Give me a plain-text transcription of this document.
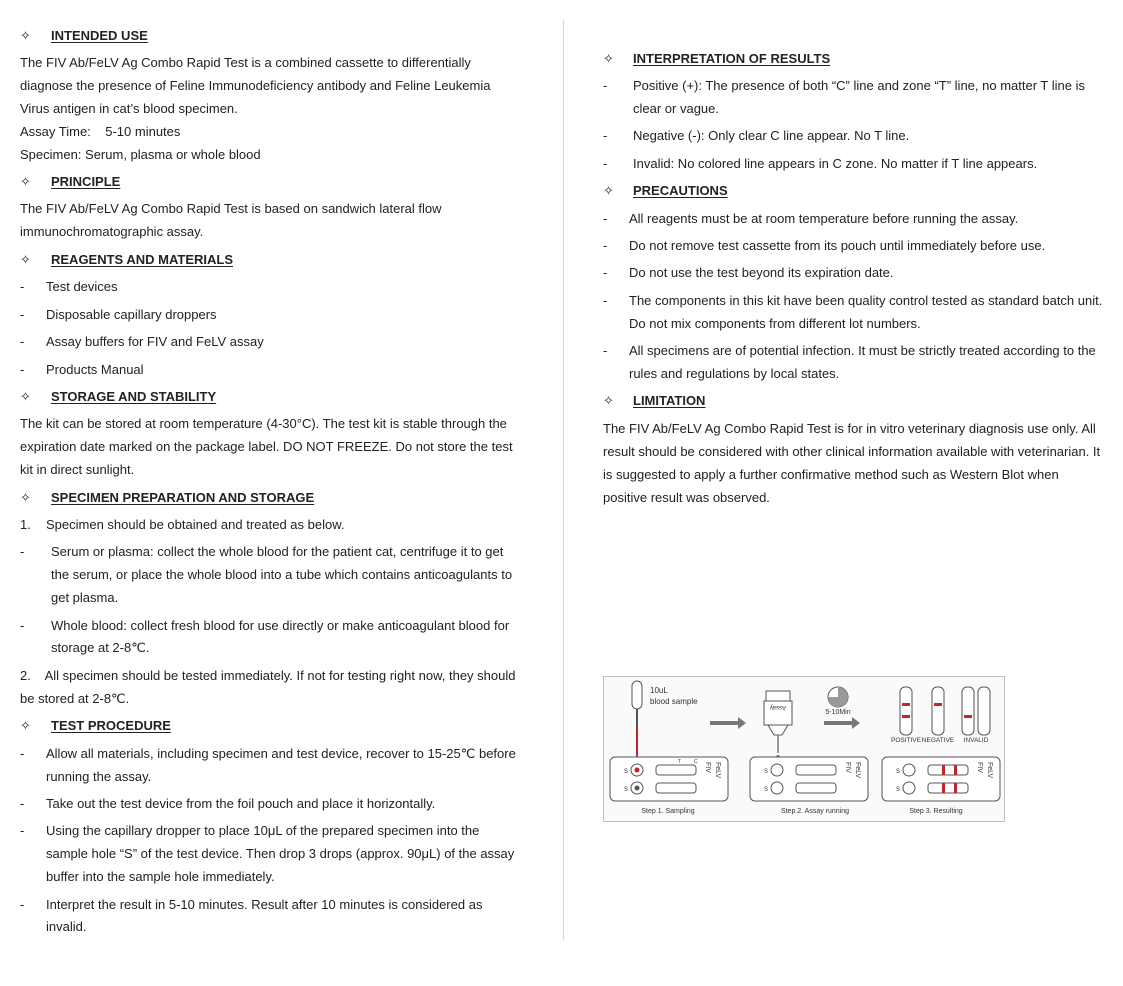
✧ INTENDED USE
The FIV Ab/FeLV Ag Combo Rapid Test is a combined cassette to differentially
diagnose the presence of Feline Immunodeficiency antibody and Feline Leukemia
Virus antigen in cat’s blood specimen.
Assay Time:    5-10 minutes
Specimen: Serum, plasma or whole blood
✧ PRINCIPLE
The FIV Ab/FeLV Ag Combo Rapid Test is based on sandwich lateral flow
immunochromatographic assay.
✧ REAGENTS AND MATERIALS
- Test devices
- Disposable capillary droppers
- Assay buffers for FIV and FeLV assay
- Products Manual
✧ STORAGE AND STABILITY
The kit can be stored at room temperature (4-30°C). The test kit is stable through the
expiration date marked on the package label. DO NOT FREEZE. Do not store the test
kit in direct sunlight.
✧ SPECIMEN PREPARATION AND STORAGE
1. Specimen should be obtained and treated as below.
- Serum or plasma: collect the whole blood for the patient cat, centrifuge it to get
the serum, or place the whole blood into a tube which contains anticoagulants to
get plasma.
- Whole blood: collect fresh blood for use directly or make anticoagulant blood for
storage at 2-8℃.
2.    All specimen should be tested immediately. If not for testing right now, they should
be stored at 2-8℃.
✧ TEST PROCEDURE
- Allow all materials, including specimen and test device, recover to 15-25℃ before
running the assay.
- Take out the test device from the foil pouch and place it horizontally.
- Using the capillary dropper to place 10μL of the prepared specimen into the
sample hole “S” of the test device. Then drop 3 drops (approx. 90μL) of the assay
buffer into the sample hole immediately.
- Interpret the result in 5-10 minutes. Result after 10 minutes is considered as
invalid.
✧ INTERPRETATION OF RESULTS
- Positive (+): The presence of both “C” line and zone “T” line, no matter T line is
clear or vague.
- Negative (-): Only clear C line appear. No T line.
- Invalid: No colored line appears in C zone. No matter if T line appears.
✧ PRECAUTIONS
- All reagents must be at room temperature before running the assay.
- Do not remove test cassette from its pouch until immediately before use.
- Do not use the test beyond its expiration date.
- The components in this kit have been quality control tested as standard batch unit.
Do not mix components from different lot numbers.
- All specimens are of potential infection. It must be strictly treated according to the
rules and regulations by local states.
✧ LIMITATION
The FIV Ab/FeLV Ag Combo Rapid Test is for in vitro veterinary diagnosis use only. All
result should be considered with other clinical information available with veterinarian. It
is suggested to apply a further confirmative method such as Western Blot when
positive result was observed.
10uL
blood sample
Assay
5-10Min
POSITIVE NEGATIVE INVALID
S
S
FIV FeLV
C
T
S
S
FIV FeLV	S
S
FIV FeLV
Step 1. Sampling	Step 2. Assay running	Step 3. Resulting
